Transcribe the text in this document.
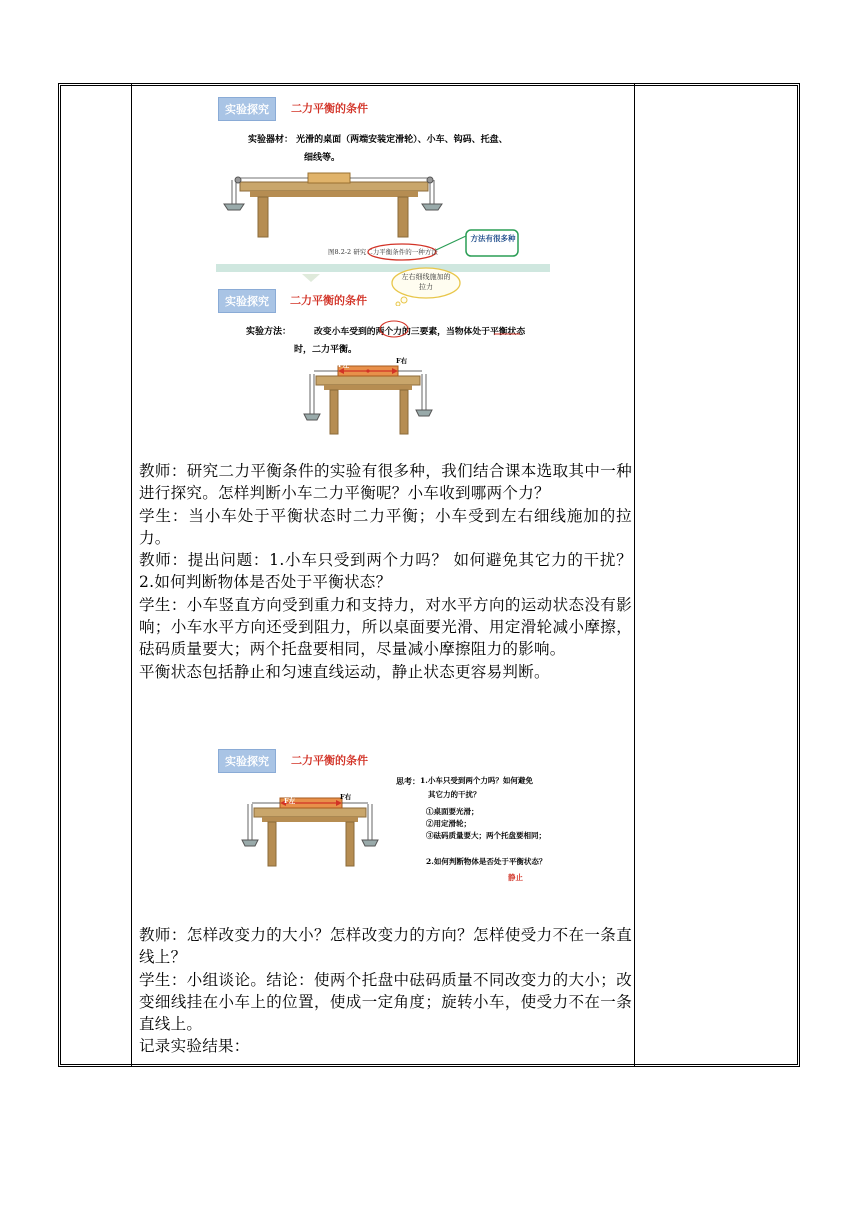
实验探究	二力平衡的条件
实验器材： 光滑的桌面（两端安装定滑轮）、小车、钩码、托盘、
细线等。
图8.2-2 研究二力平衡条件的一种方法
方法有很多种
实验探究	二力平衡的条件
左右细线施加的拉力
实验方法：	改变小车受到的两个力的三要素，当物体处于平衡状态
时，二力平衡。
F左	F右
教师：研究二力平衡条件的实验有很多种，我们结合课本选取其中一种进行探究。怎样判断小车二力平衡呢？小车收到哪两个力？
学生：当小车处于平衡状态时二力平衡；小车受到左右细线施加的拉力。
教师：提出问题：1.小车只受到两个力吗？ 如何避免其它力的干扰？2.如何判断物体是否处于平衡状态？
学生：小车竖直方向受到重力和支持力，对水平方向的运动状态没有影响；小车水平方向还受到阻力，所以桌面要光滑、用定滑轮减小摩擦，砝码质量要大；两个托盘要相同，尽量减小摩擦阻力的影响。
平衡状态包括静止和匀速直线运动，静止状态更容易判断。
实验探究	二力平衡的条件
F左	F右
思考： 1.小车只受到两个力吗？如何避免
其它力的干扰？
①桌面要光滑；
②用定滑轮；
③砝码质量要大；两个托盘要相同；
2.如何判断物体是否处于平衡状态？
静止
教师：怎样改变力的大小？怎样改变力的方向？怎样使受力不在一条直线上？
学生：小组谈论。结论：使两个托盘中砝码质量不同改变力的大小；改变细线挂在小车上的位置，使成一定角度；旋转小车，使受力不在一条直线上。
记录实验结果：
